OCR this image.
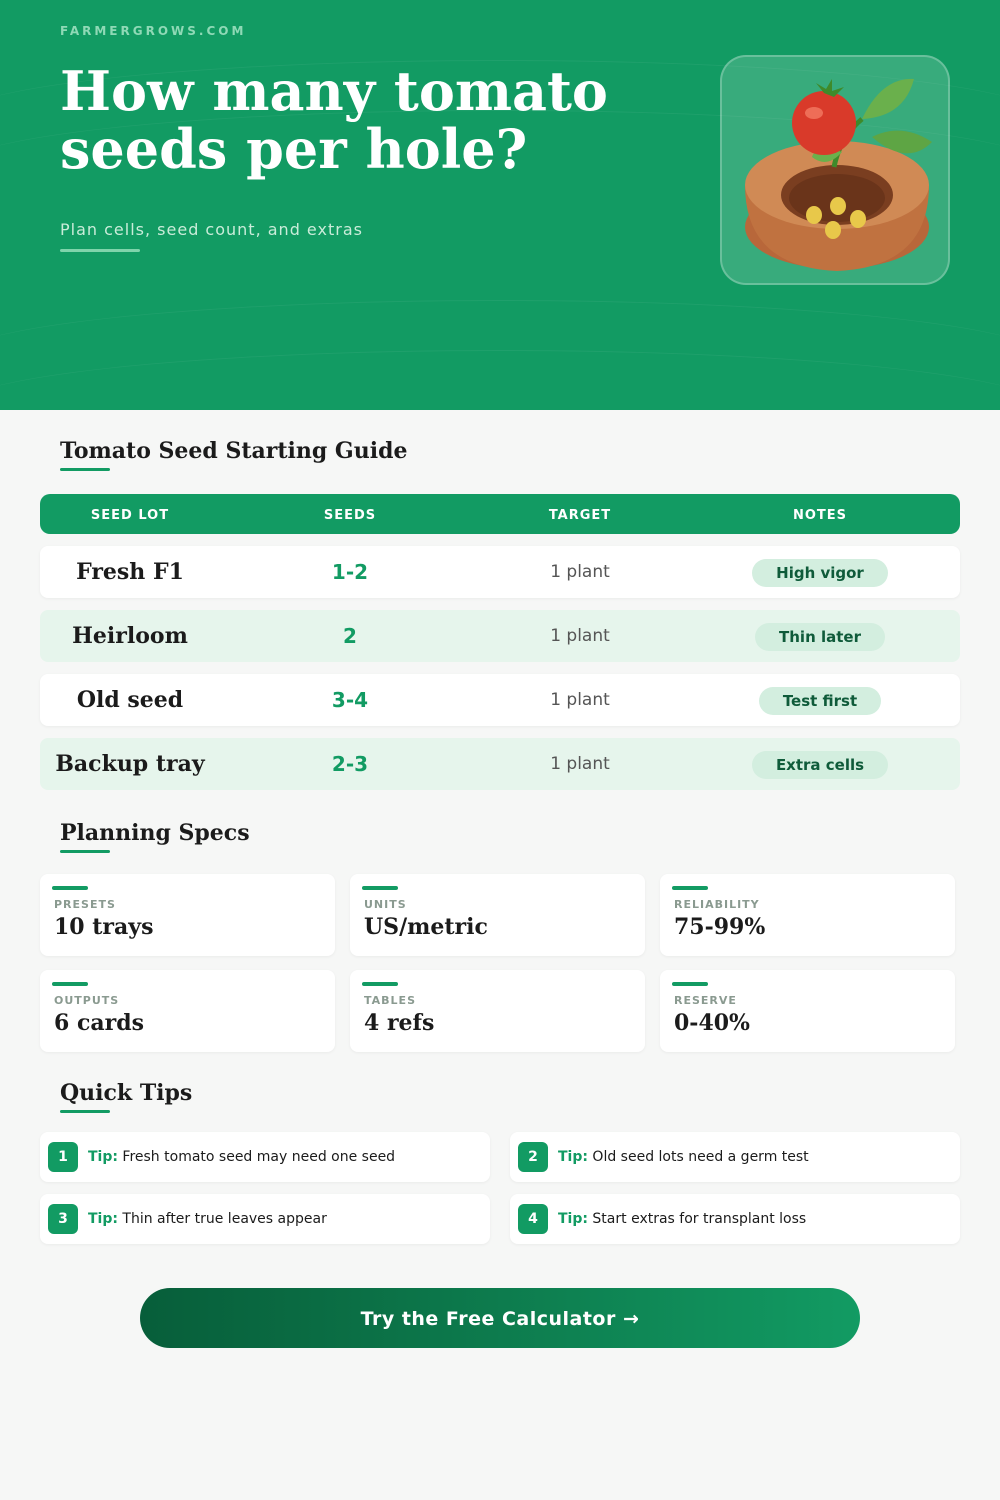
FARMERGROWS.COM
How many tomato seeds per hole?
Plan cells, seed count, and extras
Tomato Seed Starting Guide
SEED LOT	SEEDS	TARGET	NOTES
Fresh F1	1-2	1 plant	High vigor
Heirloom	2	1 plant	Thin later
Old seed	3-4	1 plant	Test first
Backup tray	2-3	1 plant	Extra cells
Planning Specs
PRESETS
10 trays
UNITS
US/metric
RELIABILITY
75-99%
OUTPUTS
6 cards
TABLES
4 refs
RESERVE
0-40%
Quick Tips
1	Tip: Fresh tomato seed may need one seed	2	Tip: Old seed lots need a germ test
3	Tip: Thin after true leaves appear	4	Tip: Start extras for transplant loss
Try the Free Calculator →
